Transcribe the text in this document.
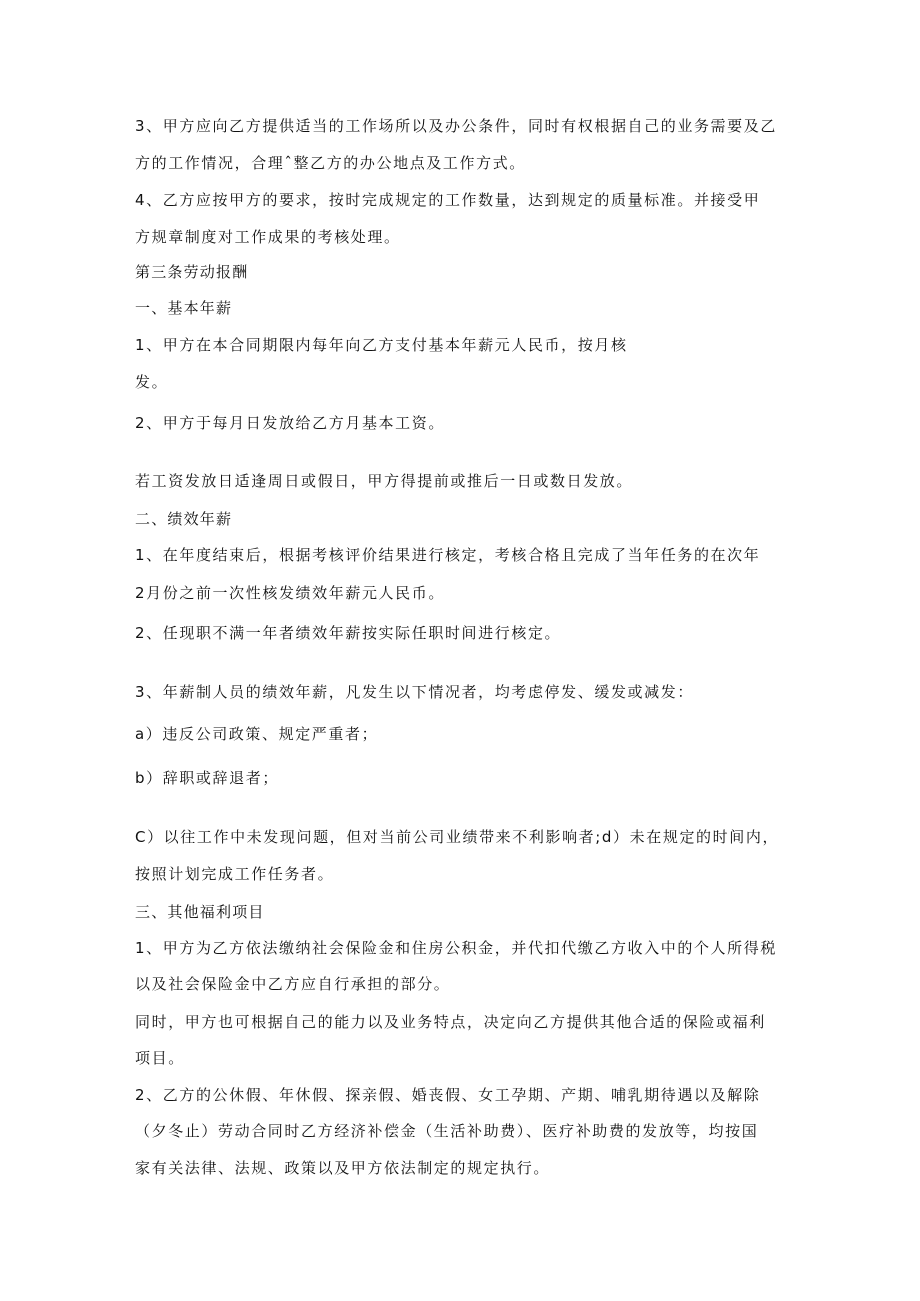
3、甲方应向乙方提供适当的工作场所以及办公条件，同时有权根据自己的业务需要及乙

方的工作情况，合理ˆ整乙方的办公地点及工作方式。

4、乙方应按甲方的要求，按时完成规定的工作数量，达到规定的质量标准。并接受甲

方规章制度对工作成果的考核处理。

第三条劳动报酬

一、基本年薪

1、甲方在本合同期限内每年向乙方支付基本年薪元人民币，按月核

发。

2、甲方于每月日发放给乙方月基本工资。

若工资发放日适逢周日或假日，甲方得提前或推后一日或数日发放。

二、绩效年薪

1、在年度结束后，根据考核评价结果进行核定，考核合格且完成了当年任务的在次年

2月份之前一次性核发绩效年薪元人民币。

2、任现职不满一年者绩效年薪按实际任职时间进行核定。

3、年薪制人员的绩效年薪，凡发生以下情况者，均考虑停发、缓发或减发：

a）违反公司政策、规定严重者；

b）辞职或辞退者；

C）以往工作中未发现问题，但对当前公司业绩带来不利影响者;d）未在规定的时间内，

按照计划完成工作任务者。

三、其他福利项目

1、甲方为乙方依法缴纳社会保险金和住房公积金，并代扣代缴乙方收入中的个人所得税

以及社会保险金中乙方应自行承担的部分。

同时，甲方也可根据自己的能力以及业务特点，决定向乙方提供其他合适的保险或福利

项目。

2、乙方的公休假、年休假、探亲假、婚丧假、女工孕期、产期、哺乳期待遇以及解除

（夕冬止）劳动合同时乙方经济补偿金（生活补助费）、医疗补助费的发放等，均按国

家有关法律、法规、政策以及甲方依法制定的规定执行。
